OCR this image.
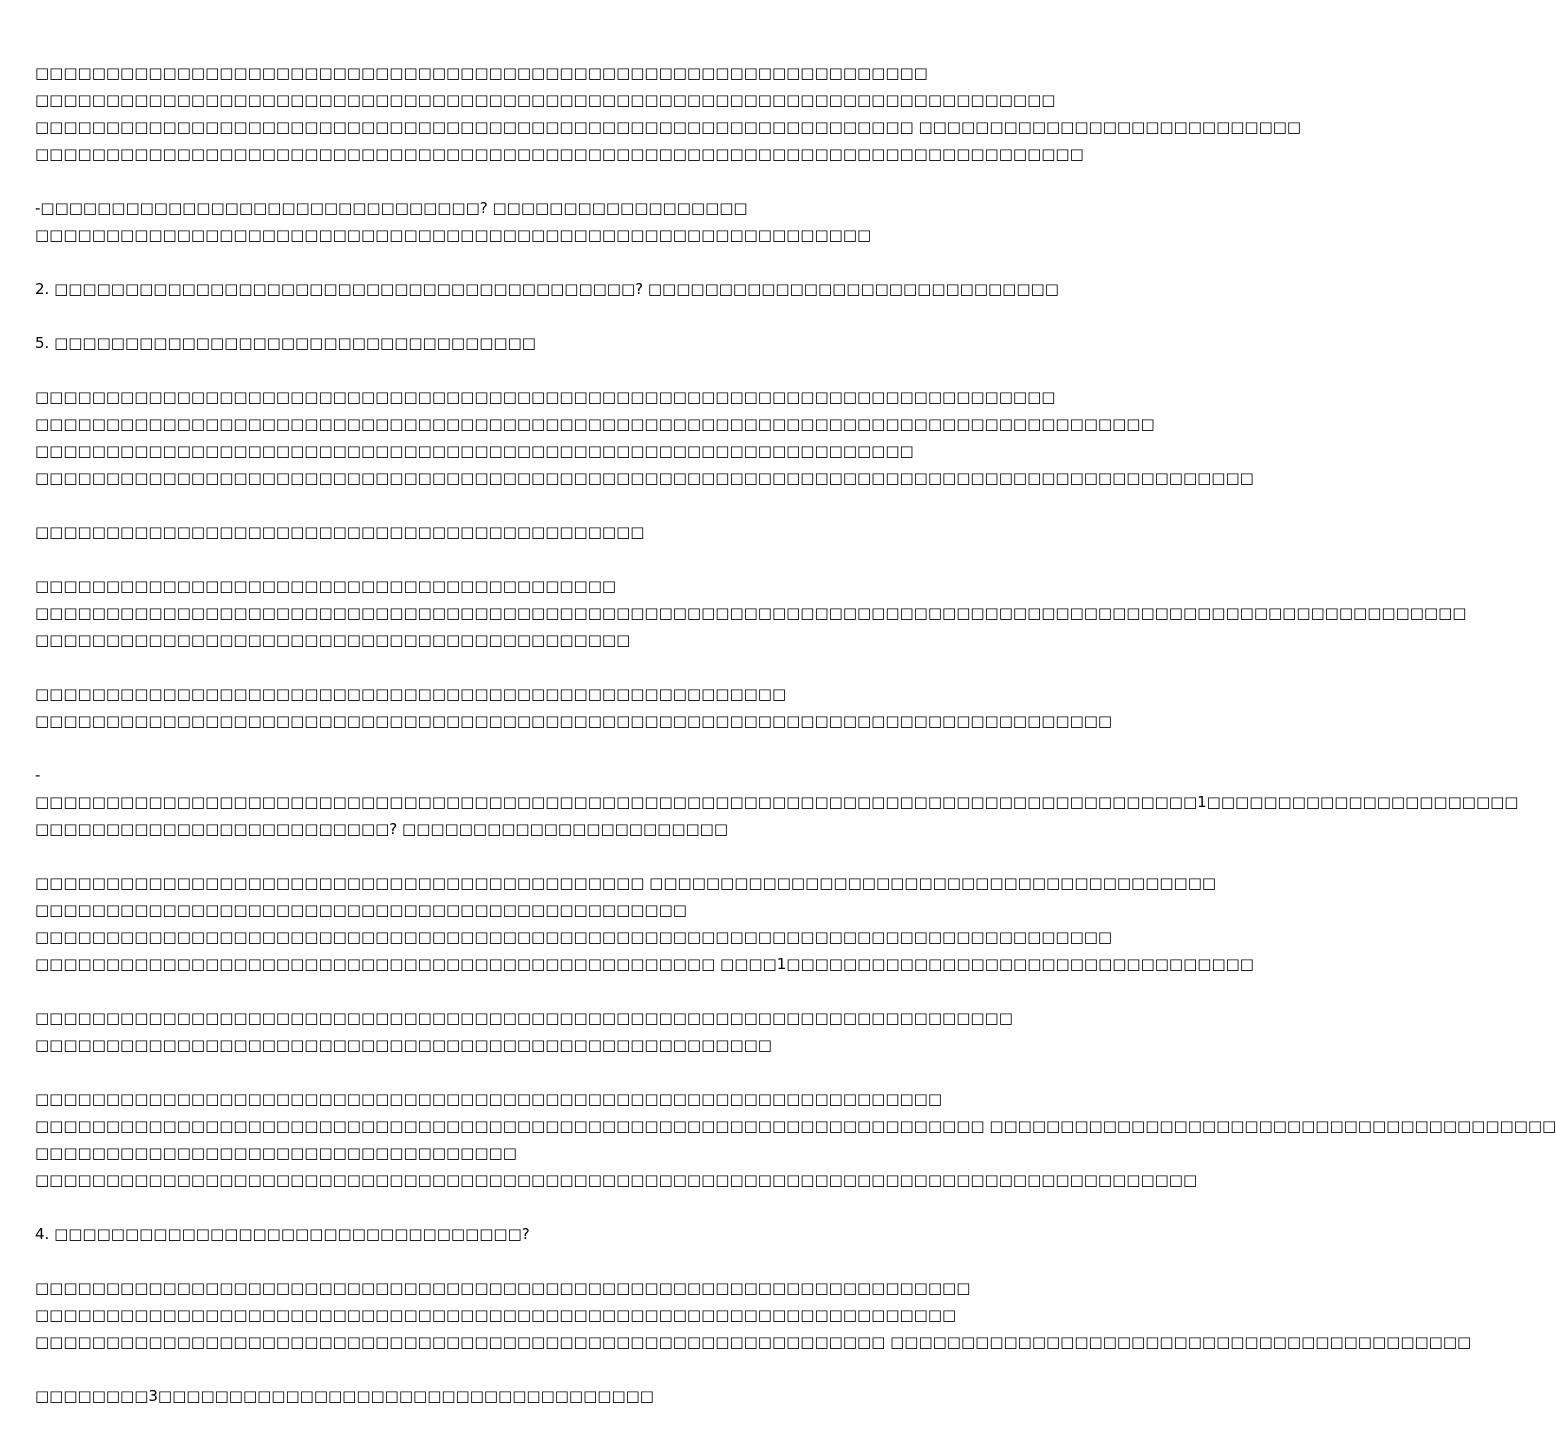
□□□□□□□□□□□□□□□□□□□□□□□□□□□□□□□□□□□□□□□□□□□□□□□□□□□□□□□□□□□□□□□
□□□□□□□□□□□□□□□□□□□□□□□□□□□□□□□□□□□□□□□□□□□□□□□□□□□□□□□□□□□□□□□□□□□□□□□□
□□□□□□□□□□□□□□□□□□□□□□□□□□□□□□□□□□□□□□□□□□□□□□□□□□□□□□□□□□□□□□ □□□□□□□□□□□□□□□□□□□□□□□□□□□
□□□□□□□□□□□□□□□□□□□□□□□□□□□□□□□□□□□□□□□□□□□□□□□□□□□□□□□□□□□□□□□□□□□□□□□□□□
-□□□□□□□□□□□□□□□□□□□□□□□□□□□□□□□? □□□□□□□□□□□□□□□□□□
□□□□□□□□□□□□□□□□□□□□□□□□□□□□□□□□□□□□□□□□□□□□□□□□□□□□□□□□□□□
2. □□□□□□□□□□□□□□□□□□□□□□□□□□□□□□□□□□□□□□□□□? □□□□□□□□□□□□□□□□□□□□□□□□□□□□□
5. □□□□□□□□□□□□□□□□□□□□□□□□□□□□□□□□□□
□□□□□□□□□□□□□□□□□□□□□□□□□□□□□□□□□□□□□□□□□□□□□□□□□□□□□□□□□□□□□□□□□□□□□□□□
□□□□□□□□□□□□□□□□□□□□□□□□□□□□□□□□□□□□□□□□□□□□□□□□□□□□□□□□□□□□□□□□□□□□□□□□□□□□□□□
□□□□□□□□□□□□□□□□□□□□□□□□□□□□□□□□□□□□□□□□□□□□□□□□□□□□□□□□□□□□□□
□□□□□□□□□□□□□□□□□□□□□□□□□□□□□□□□□□□□□□□□□□□□□□□□□□□□□□□□□□□□□□□□□□□□□□□□□□□□□□□□□□□□□□
□□□□□□□□□□□□□□□□□□□□□□□□□□□□□□□□□□□□□□□□□□□
□□□□□□□□□□□□□□□□□□□□□□□□□□□□□□□□□□□□□□□□□
□□□□□□□□□□□□□□□□□□□□□□□□□□□□□□□□□□□□□□□□□□□□□□□□□□□□□□□□□□□□□□□□□□□□□□□□□□□□□□□□□□□□□□□□□□□□□□□□□□□□□
□□□□□□□□□□□□□□□□□□□□□□□□□□□□□□□□□□□□□□□□□□
□□□□□□□□□□□□□□□□□□□□□□□□□□□□□□□□□□□□□□□□□□□□□□□□□□□□□
□□□□□□□□□□□□□□□□□□□□□□□□□□□□□□□□□□□□□□□□□□□□□□□□□□□□□□□□□□□□□□□□□□□□□□□□□□□□
-
□□□□□□□□□□□□□□□□□□□□□□□□□□□□□□□□□□□□□□□□□□□□□□□□□□□□□□□□□□□□□□□□□□□□□□□□□□□□□□□□□□1□□□□□□□□□□□□□□□□□□□□□□
□□□□□□□□□□□□□□□□□□□□□□□□□? □□□□□□□□□□□□□□□□□□□□□□□
□□□□□□□□□□□□□□□□□□□□□□□□□□□□□□□□□□□□□□□□□□□ □□□□□□□□□□□□□□□□□□□□□□□□□□□□□□□□□□□□□□□□
□□□□□□□□□□□□□□□□□□□□□□□□□□□□□□□□□□□□□□□□□□□□□□
□□□□□□□□□□□□□□□□□□□□□□□□□□□□□□□□□□□□□□□□□□□□□□□□□□□□□□□□□□□□□□□□□□□□□□□□□□□□
□□□□□□□□□□□□□□□□□□□□□□□□□□□□□□□□□□□□□□□□□□□□□□□□ □□□□1□□□□□□□□□□□□□□□□□□□□□□□□□□□□□□□□□
□□□□□□□□□□□□□□□□□□□□□□□□□□□□□□□□□□□□□□□□□□□□□□□□□□□□□□□□□□□□□□□□□□□□□
□□□□□□□□□□□□□□□□□□□□□□□□□□□□□□□□□□□□□□□□□□□□□□□□□□□□
□□□□□□□□□□□□□□□□□□□□□□□□□□□□□□□□□□□□□□□□□□□□□□□□□□□□□□□□□□□□□□□□
□□□□□□□□□□□□□□□□□□□□□□□□□□□□□□□□□□□□□□□□□□□□□□□□□□□□□□□□□□□□□□□□□□□ □□□□□□□□□□□□□□□□□□□□□□□□□□□□□□□□□□□□□□□□
□□□□□□□□□□□□□□□□□□□□□□□□□□□□□□□□□□
□□□□□□□□□□□□□□□□□□□□□□□□□□□□□□□□□□□□□□□□□□□□□□□□□□□□□□□□□□□□□□□□□□□□□□□□□□□□□□□□□□
4. □□□□□□□□□□□□□□□□□□□□□□□□□□□□□□□□□?
□□□□□□□□□□□□□□□□□□□□□□□□□□□□□□□□□□□□□□□□□□□□□□□□□□□□□□□□□□□□□□□□□□
□□□□□□□□□□□□□□□□□□□□□□□□□□□□□□□□□□□□□□□□□□□□□□□□□□□□□□□□□□□□□□□□□
□□□□□□□□□□□□□□□□□□□□□□□□□□□□□□□□□□□□□□□□□□□□□□□□□□□□□□□□□□□□ □□□□□□□□□□□□□□□□□□□□□□□□□□□□□□□□□□□□□□□□□
□□□□□□□□3□□□□□□□□□□□□□□□□□□□□□□□□□□□□□□□□□□□
